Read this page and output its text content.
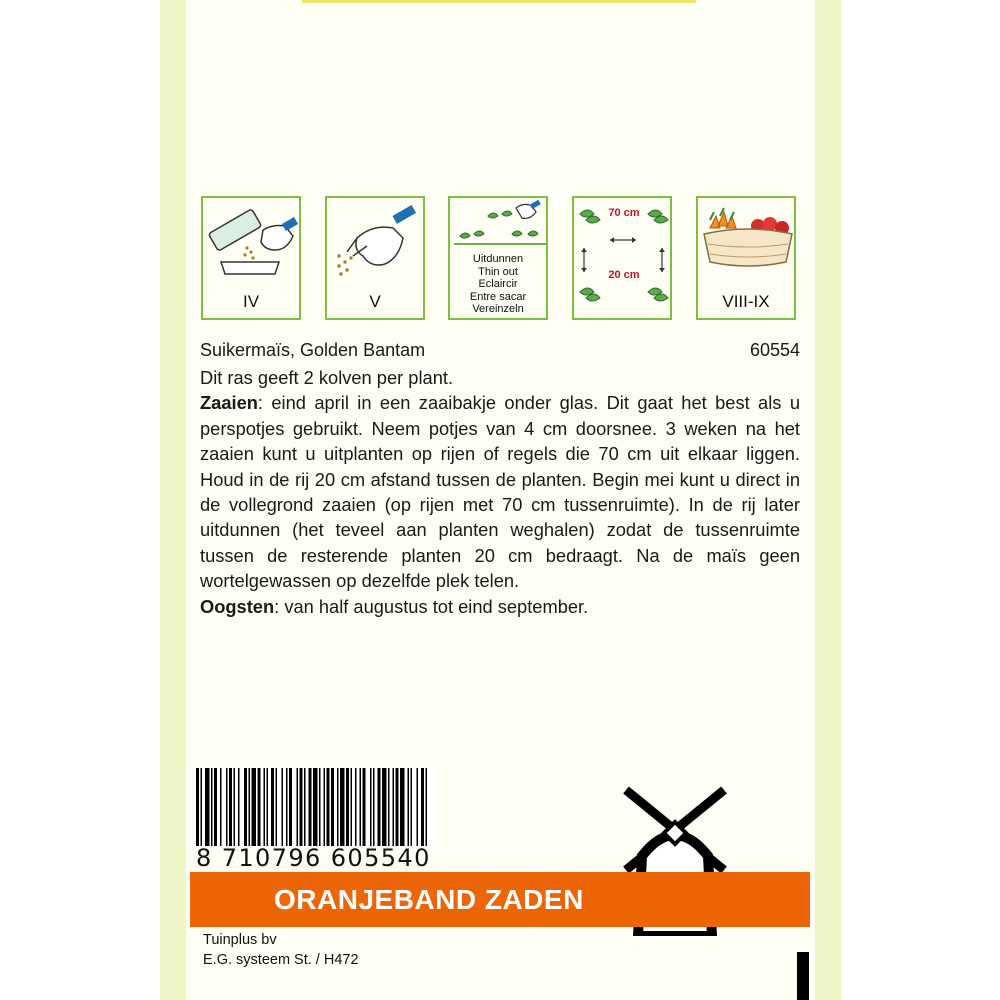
IV	V
Uitdunnen
Thin out
Eclaircir
Entre sacar
Vereinzeln
70 cm
20 cm
VIII-IX
Suikermaïs, Golden Bantam	60554

Dit ras geeft 2 kolven per plant.
Zaaien: eind april in een zaaibakje onder glas. Dit gaat het best als u perspotjes gebruikt. Neem potjes van 4 cm doorsnee. 3 weken na het zaaien kunt u uitplanten op rijen of regels die 70 cm uit elkaar liggen. Houd in de rij 20 cm afstand tussen de planten. Begin mei kunt u direct in de vollegrond zaaien (op rijen met 70 cm tussenruimte). In de rij later uitdunnen (het teveel aan planten weghalen) zodat de tussenruimte tussen de resterende planten 20 cm bedraagt. Na de maïs geen wortelgewassen op dezelfde plek telen.
Oogsten: van half augustus tot eind september.

8 710796 605540
ORANJEBAND ZADEN
Tuinplus bv
E.G. systeem St. / H472
